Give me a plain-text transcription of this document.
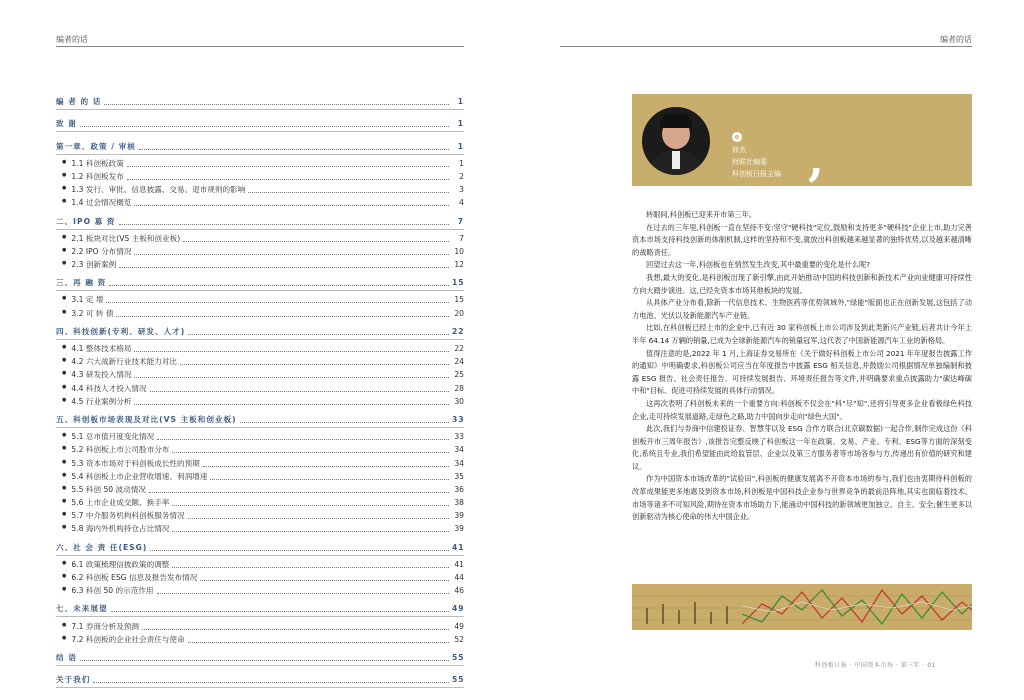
编者的话
编 者 的 话	1
致 谢	1
第一章、政策 / 审核	1
● 1.1 科创板政策	1
● 1.2 科创板发布	2
● 1.3 发行、审批、信息披露、交易、退市规则的影响	3
● 1.4 过会情况概览	4
二、IPO 募 资	7
● 2.1 板块对比(VS 主板和创业板)	7
● 2.2 IPO 分布情况	10
● 2.3 创新案例	12
三、再 融 资	15
● 3.1 定 增	15
● 3.2 可 转 债	20
四、科技创新(专利、研发、人才)	22
● 4.1 整体技术格局	22
● 4.2 六大战新行业技术能力对比	24
● 4.3 研发投入情况	25
● 4.4 科技人才投入情况	28
● 4.5 行业案例分析	30
五、科创板市场表现及对比(VS 主板和创业板)	33
● 5.1 总市值月度变化情况	33
● 5.2 科创板上市公司股市分布	34
● 5.3 资本市场对于科创板成长性的预期	34
● 5.4 科创板上市企业营收增速、利润增速	35
● 5.5 科创 50 波动情况	36
● 5.6 上市企业成交额、换手率	38
● 5.7 中介服务机构科创板服务情况	39
● 5.8 海内外机构持仓占比情况	39
六、社 会 责 任(ESG)	41
● 6.1 政策梳理信披政策的调整	41
● 6.2 科创板 ESG 信息及报告发布情况	44
● 6.3 科创 50 的示范作用	46
七、未来展望	49
● 7.1 券商分析及预测	49
● 7.2 科创板的企业社会责任与使命	52
结 语	55
关于我们	55
编者的话
e
徐杰
财联社编委
科创板日报主编 ,

转眼间,科创板已迎来开市第三年。

在过去的三年里,科创板一直在坚持不变:坚守"硬科技"定位,鼓励和支持更多"硬科技"企业上市,助力完善资本市场支持科技创新的体制机制,这样的坚持和不变,就放出科创板越来越显著的独特优势,以及越来越清晰的战略责任。

回望过去这一年,科创板也在悄然发生改变,其中最重要的变化是什么呢?

我想,最大的变化,是科创板出现了新引擎,由此开始推动中国的科技创新和新技术产业向业健康可持续性方向大踏步演进。这,已经先资本市场其他板块的发展。

从具体产业分布看,除新一代信息技术、生物医药等优势领域外,"绿能"版面也正在创新发展,这包括了动力电池、光伏以及新能源汽车产业链。

比如,在科创板已经上市的企业中,已有近 30 家科创板上市公司涉及到此类新兴产业链,后者共计今年上半年 64.14 万辆的销量,已成为全球新能源汽车的销量冠军,这代表了中国新能源汽车工业的新格局。

值得注意的是,2022 年 1 月,上海证券交易所在《关于做好科创板上市公司 2021 年年度报告披露工作的通知》中明确要求,科创板公司应当在年度报告中披露 ESG 相关信息,并鼓励公司根据情况单独编制和披露 ESG 报告、社会责任报告、可持续发展报告、环境责任报告等文件,并明确要求重点披露助力"碳达峰碳中和"目标、促进可持续发展的具体行动情况。

这再次表明了科创板未来的一个重要方向:科创板不仅会在"科"尽"知",还将引导更多企业看极绿色科技企业,走可持续发展道路,走绿色之路,助力中国向步走向"绿色大国"。

此次,我们与券商中信建投证券、智慧芽以及 ESG 合作方联合(北京碳数据)一起合作,制作完成这份《科创板开市三周年报告》,该报告完整反映了科创板这一年在政策、交易、产业、专利、ESG等方面的深刻变化,系统且专业,我们希望能由此给监管层、企业以及第三方服务者等市场各参与方,传递出有价值的研究和建议。

作为中国资本市场改革的"试验田",科创板的健康发展离不开资本市场的参与,我们也由衷期待科创板的改革成果能更多地惠及到资本市场,科创板是中国科技企业参与世界竞争的最前沿阵地,其实也面临着技术、市场等诸多不可知风险,期待在资本市场助力下,能涌动中国科技的新领域更加独立、自主、安全;催生更多以创新驱动为核心使命的伟大中国企业。

科创板日报 · 中国资本市场 · 第三年 · 01
